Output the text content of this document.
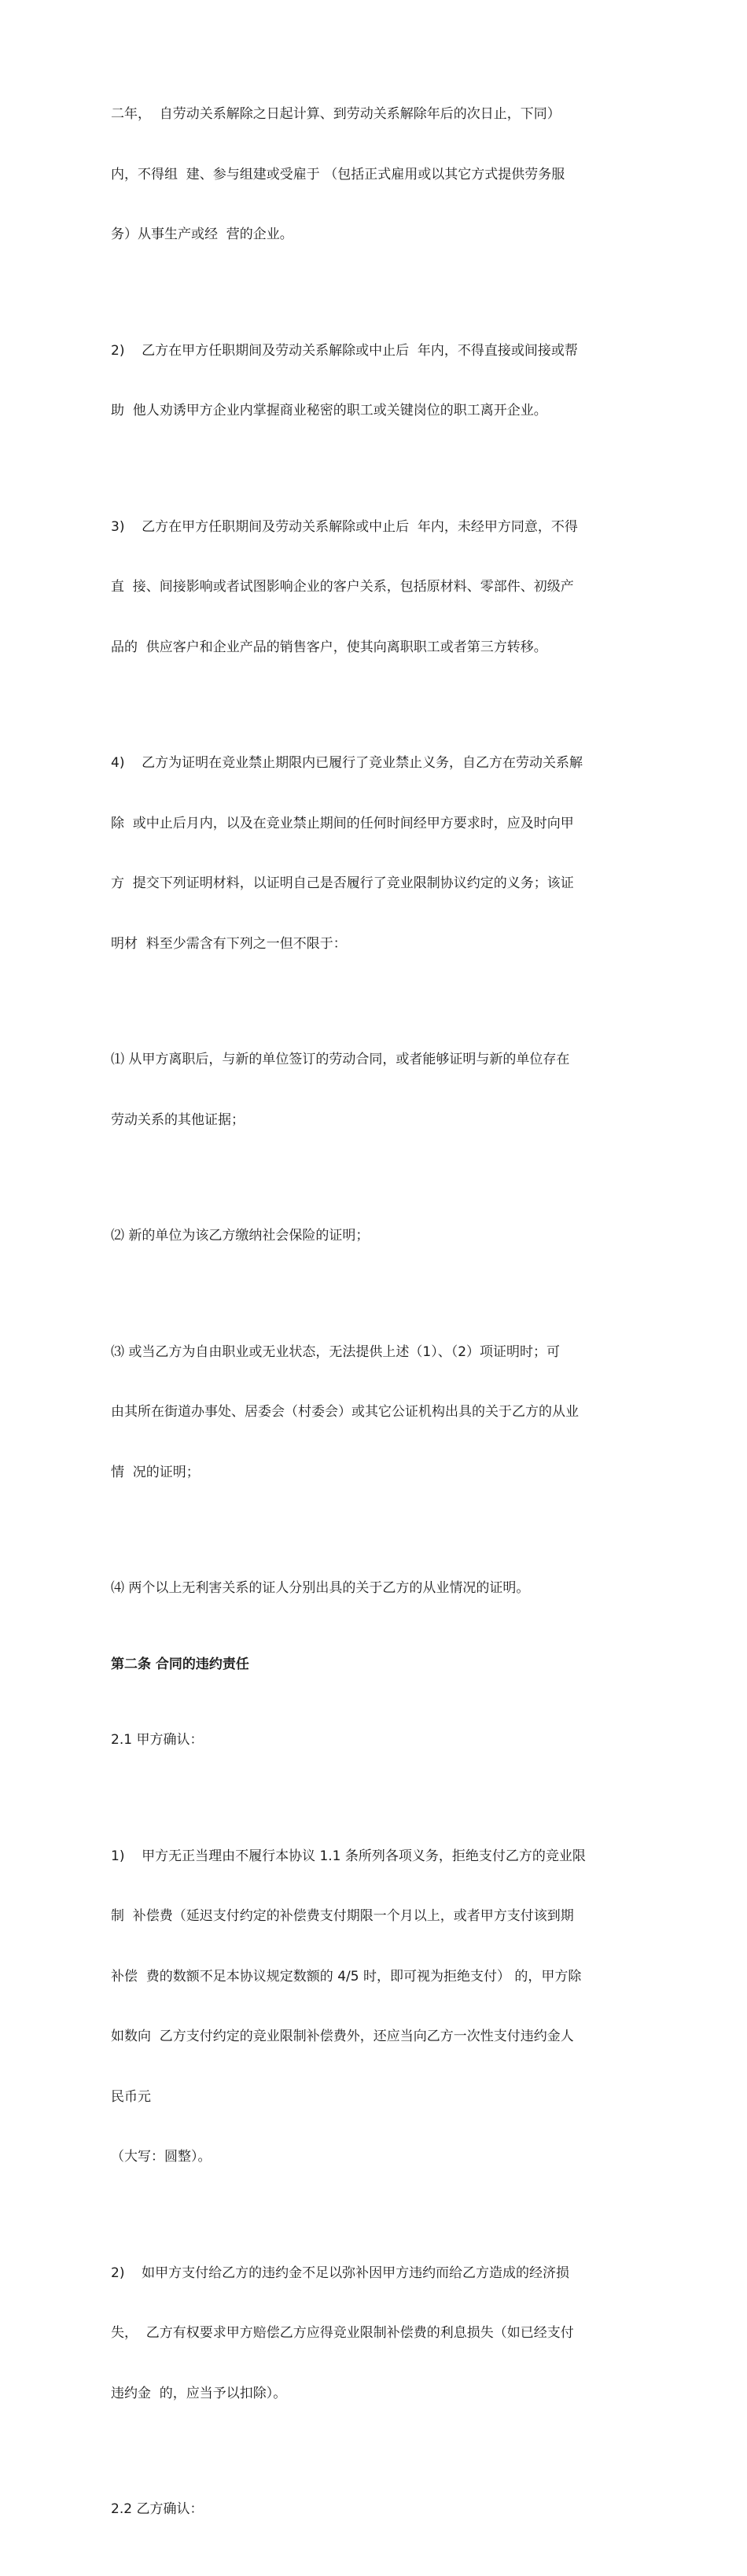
二年，  自劳动关系解除之日起计算、到劳动关系解除年后的次日止，下同）

内，不得组  建、参与组建或受雇于 （包括正式雇用或以其它方式提供劳务服

务）从事生产或经  营的企业。

2)    乙方在甲方任职期间及劳动关系解除或中止后  年内，不得直接或间接或帮

助  他人劝诱甲方企业内掌握商业秘密的职工或关键岗位的职工离开企业。

3)    乙方在甲方任职期间及劳动关系解除或中止后  年内，未经甲方同意，不得

直  接、间接影响或者试图影响企业的客户关系，包括原材料、零部件、初级产

品的  供应客户和企业产品的销售客户，使其向离职职工或者第三方转移。

4)    乙方为证明在竞业禁止期限内已履行了竞业禁止义务，自乙方在劳动关系解

除  或中止后月内，以及在竞业禁止期间的任何时间经甲方要求时，应及时向甲

方  提交下列证明材料，以证明自己是否履行了竞业限制协议约定的义务；该证

明材  料至少需含有下列之一但不限于：

⑴ 从甲方离职后，与新的单位签订的劳动合同，或者能够证明与新的单位存在

劳动关系的其他证据；

⑵ 新的单位为该乙方缴纳社会保险的证明；

⑶ 或当乙方为自由职业或无业状态，无法提供上述（1）、（2）项证明时；可

由其所在街道办事处、居委会（村委会）或其它公证机构出具的关于乙方的从业

情  况的证明；

⑷ 两个以上无利害关系的证人分别出具的关于乙方的从业情况的证明。

第二条 合同的违约责任

2.1 甲方确认：

1)    甲方无正当理由不履行本协议 1.1 条所列各项义务，拒绝支付乙方的竞业限

制  补偿费（延迟支付约定的补偿费支付期限一个月以上，或者甲方支付该到期

补偿  费的数额不足本协议规定数额的 4/5 时，即可视为拒绝支付） 的，甲方除

如数向  乙方支付约定的竞业限制补偿费外，还应当向乙方一次性支付违约金人

民币元

（大写：圆整）。

2)    如甲方支付给乙方的违约金不足以弥补因甲方违约而给乙方造成的经济损

失，  乙方有权要求甲方赔偿乙方应得竞业限制补偿费的利息损失（如已经支付

违约金  的，应当予以扣除）。

2.2 乙方确认：
